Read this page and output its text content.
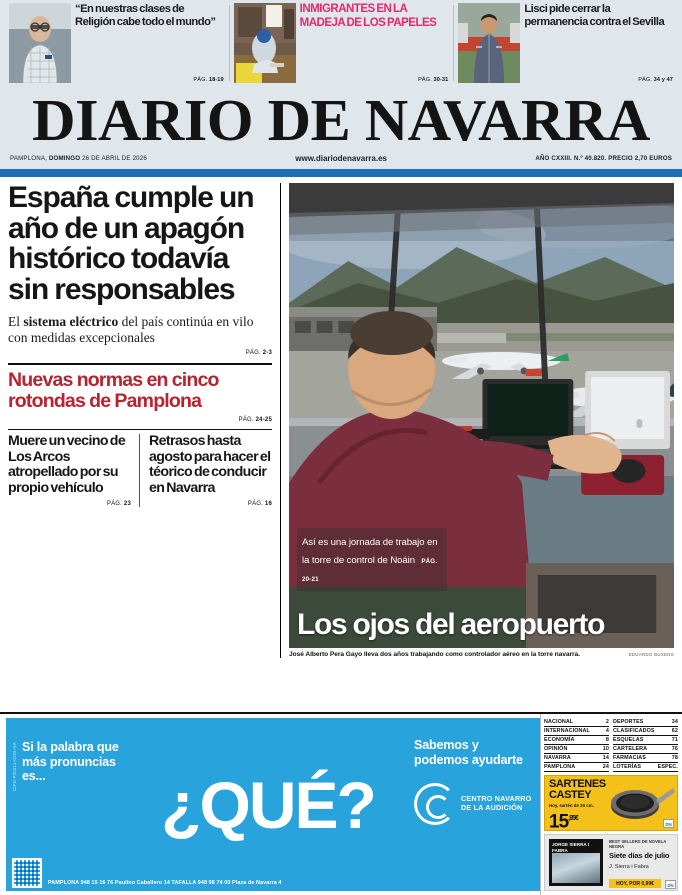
“En nuestras clases de Religión cabe todo el mundo”
PÁG. 18-19
INMIGRANTES EN LA MADEJA DE LOS PAPELES
PÁG. 30-31
Lisci pide cerrar la permanencia contra el Sevilla
PÁG. 34 y 47
DIARIO DE NAVARRA
PAMPLONA, DOMINGO 26 DE ABRIL DE 2026	www.diariodenavarra.es	AÑO CXXIII. N.º 40.820. PRECIO 2,70 EUROS
España cumple un año de un apagón histórico todavía sin responsables
El sistema eléctrico del país continúa en vilo con medidas excepcionales
PÁG. 2-3
Nuevas normas en cinco rotondas de Pamplona
PÁG. 24-25
Muere un vecino de Los Arcos atropellado por su propio vehículo
PÁG. 23
Retrasos hasta agosto para hacer el téorico de conducir en Navarra
PÁG. 16
Así es una jornada de trabajo en la torre de control de Noáin PÁG. 20-21
Los ojos del aeropuerto
José Alberto Pera Gayo lleva dos años trabajando como controlador aéreo en la torre navarra.	EDUARDO BUXENS
CIPS-P00311-0226-NA Si la palabra que más pronuncias es...	¿QUÉ?
Sabemos y podemos ayudarte
CENTRO NAVARRO
DE LA AUDICIÓN
PAMPLONA 948 15 16 76 Paulino Caballero 14 TAFALLA 948 98 74 00 Plaza de Navarra 4
NACIONAL	2
INTERNACIONAL	4
ECONOMÍA	8
OPINIÓN	10
NAVARRA	14
PAMPLONA	24
DEPORTES	34
CLASIFICADOS	62
ESQUELAS	71
CARTELERA	76
FARMACIAS	78
LOTERÍAS	ESPEC.
SARTENES
CASTEY
Hoy, sartén de 20 cm.
$15^{,95€}$
DN
JORGE SIERRA I FABRA
BEST SELLERS DE NOVELA NEGRA
Siete días de julio
J. Sierra i Fabra
HOY, POR 0,99€	DN
